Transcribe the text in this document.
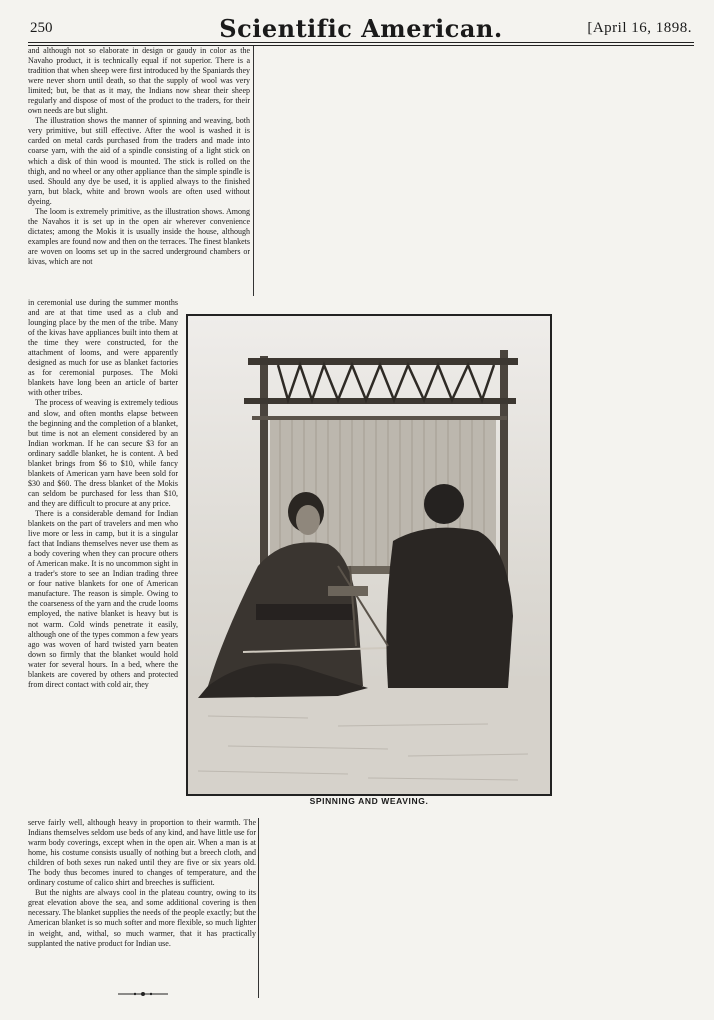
250	Scientific American.	[April 16, 1898.

and although not so elaborate in design or gaudy in color as the Navaho product, it is technically equal if not superior. There is a tradition that when sheep were first introduced by the Spaniards they were never shorn until death, so that the supply of wool was very limited; but, be that as it may, the Indians now shear their sheep regularly and dispose of most of the product to the traders, for their own needs are but slight.

The illustration shows the manner of spinning and weaving, both very primitive, but still effective. After the wool is washed it is carded on metal cards purchased from the traders and made into coarse yarn, with the aid of a spindle consisting of a light stick on which a disk of thin wood is mounted. The stick is rolled on the thigh, and no wheel or any other appliance than the simple spindle is used. Should any dye be used, it is applied always to the finished yarn, but black, white and brown wools are often used without dyeing.

The loom is extremely primitive, as the illustration shows. Among the Navahos it is set up in the open air wherever convenience dictates; among the Mokis it is usually inside the house, although examples are found now and then on the terraces. The finest blankets are woven on looms set up in the sacred underground chambers or kivas, which are not

in ceremonial use during the summer months and are at that time used as a club and lounging place by the men of the tribe. Many of the kivas have appliances built into them at the time they were constructed, for the attachment of looms, and were apparently designed as much for use as blanket factories as for ceremonial purposes. The Moki blankets have long been an article of barter with other tribes.

The process of weaving is extremely tedious and slow, and often months elapse between the beginning and the completion of a blanket, but time is not an element considered by an Indian workman. If he can secure $3 for an ordinary saddle blanket, he is content. A bed blanket brings from $6 to $10, while fancy blankets of American yarn have been sold for $30 and $60. The dress blanket of the Mokis can seldom be purchased for less than $10, and they are difficult to procure at any price.

There is a considerable demand for Indian blankets on the part of travelers and men who live more or less in camp, but it is a singular fact that Indians themselves never use them as a body covering when they can procure others of American make. It is no uncommon sight in a trader's store to see an Indian trading three or four native blankets for one of American manufacture. The reason is simple. Owing to the coarseness of the yarn and the crude looms employed, the native blanket is heavy but is not warm. Cold winds penetrate it easily, although one of the types common a few years ago was woven of hard twisted yarn beaten down so firmly that the blanket would hold water for several hours. In a bed, where the blankets are covered by others and protected from direct contact with cold air, they

SPINNING AND WEAVING.

serve fairly well, although heavy in proportion to their warmth. The Indians themselves seldom use beds of any kind, and have little use for warm body coverings, except when in the open air. When a man is at home, his costume consists usually of nothing but a breech cloth, and children of both sexes run naked until they are five or six years old. The body thus becomes inured to changes of temperature, and the ordinary costume of calico shirt and breeches is sufficient.

But the nights are always cool in the plateau country, owing to its great elevation above the sea, and some additional covering is then necessary. The blanket supplies the needs of the people exactly; but the American blanket is so much softer and more flexible, so much lighter in weight, and, withal, so much warmer, that it has practically supplanted the native product for Indian use.
